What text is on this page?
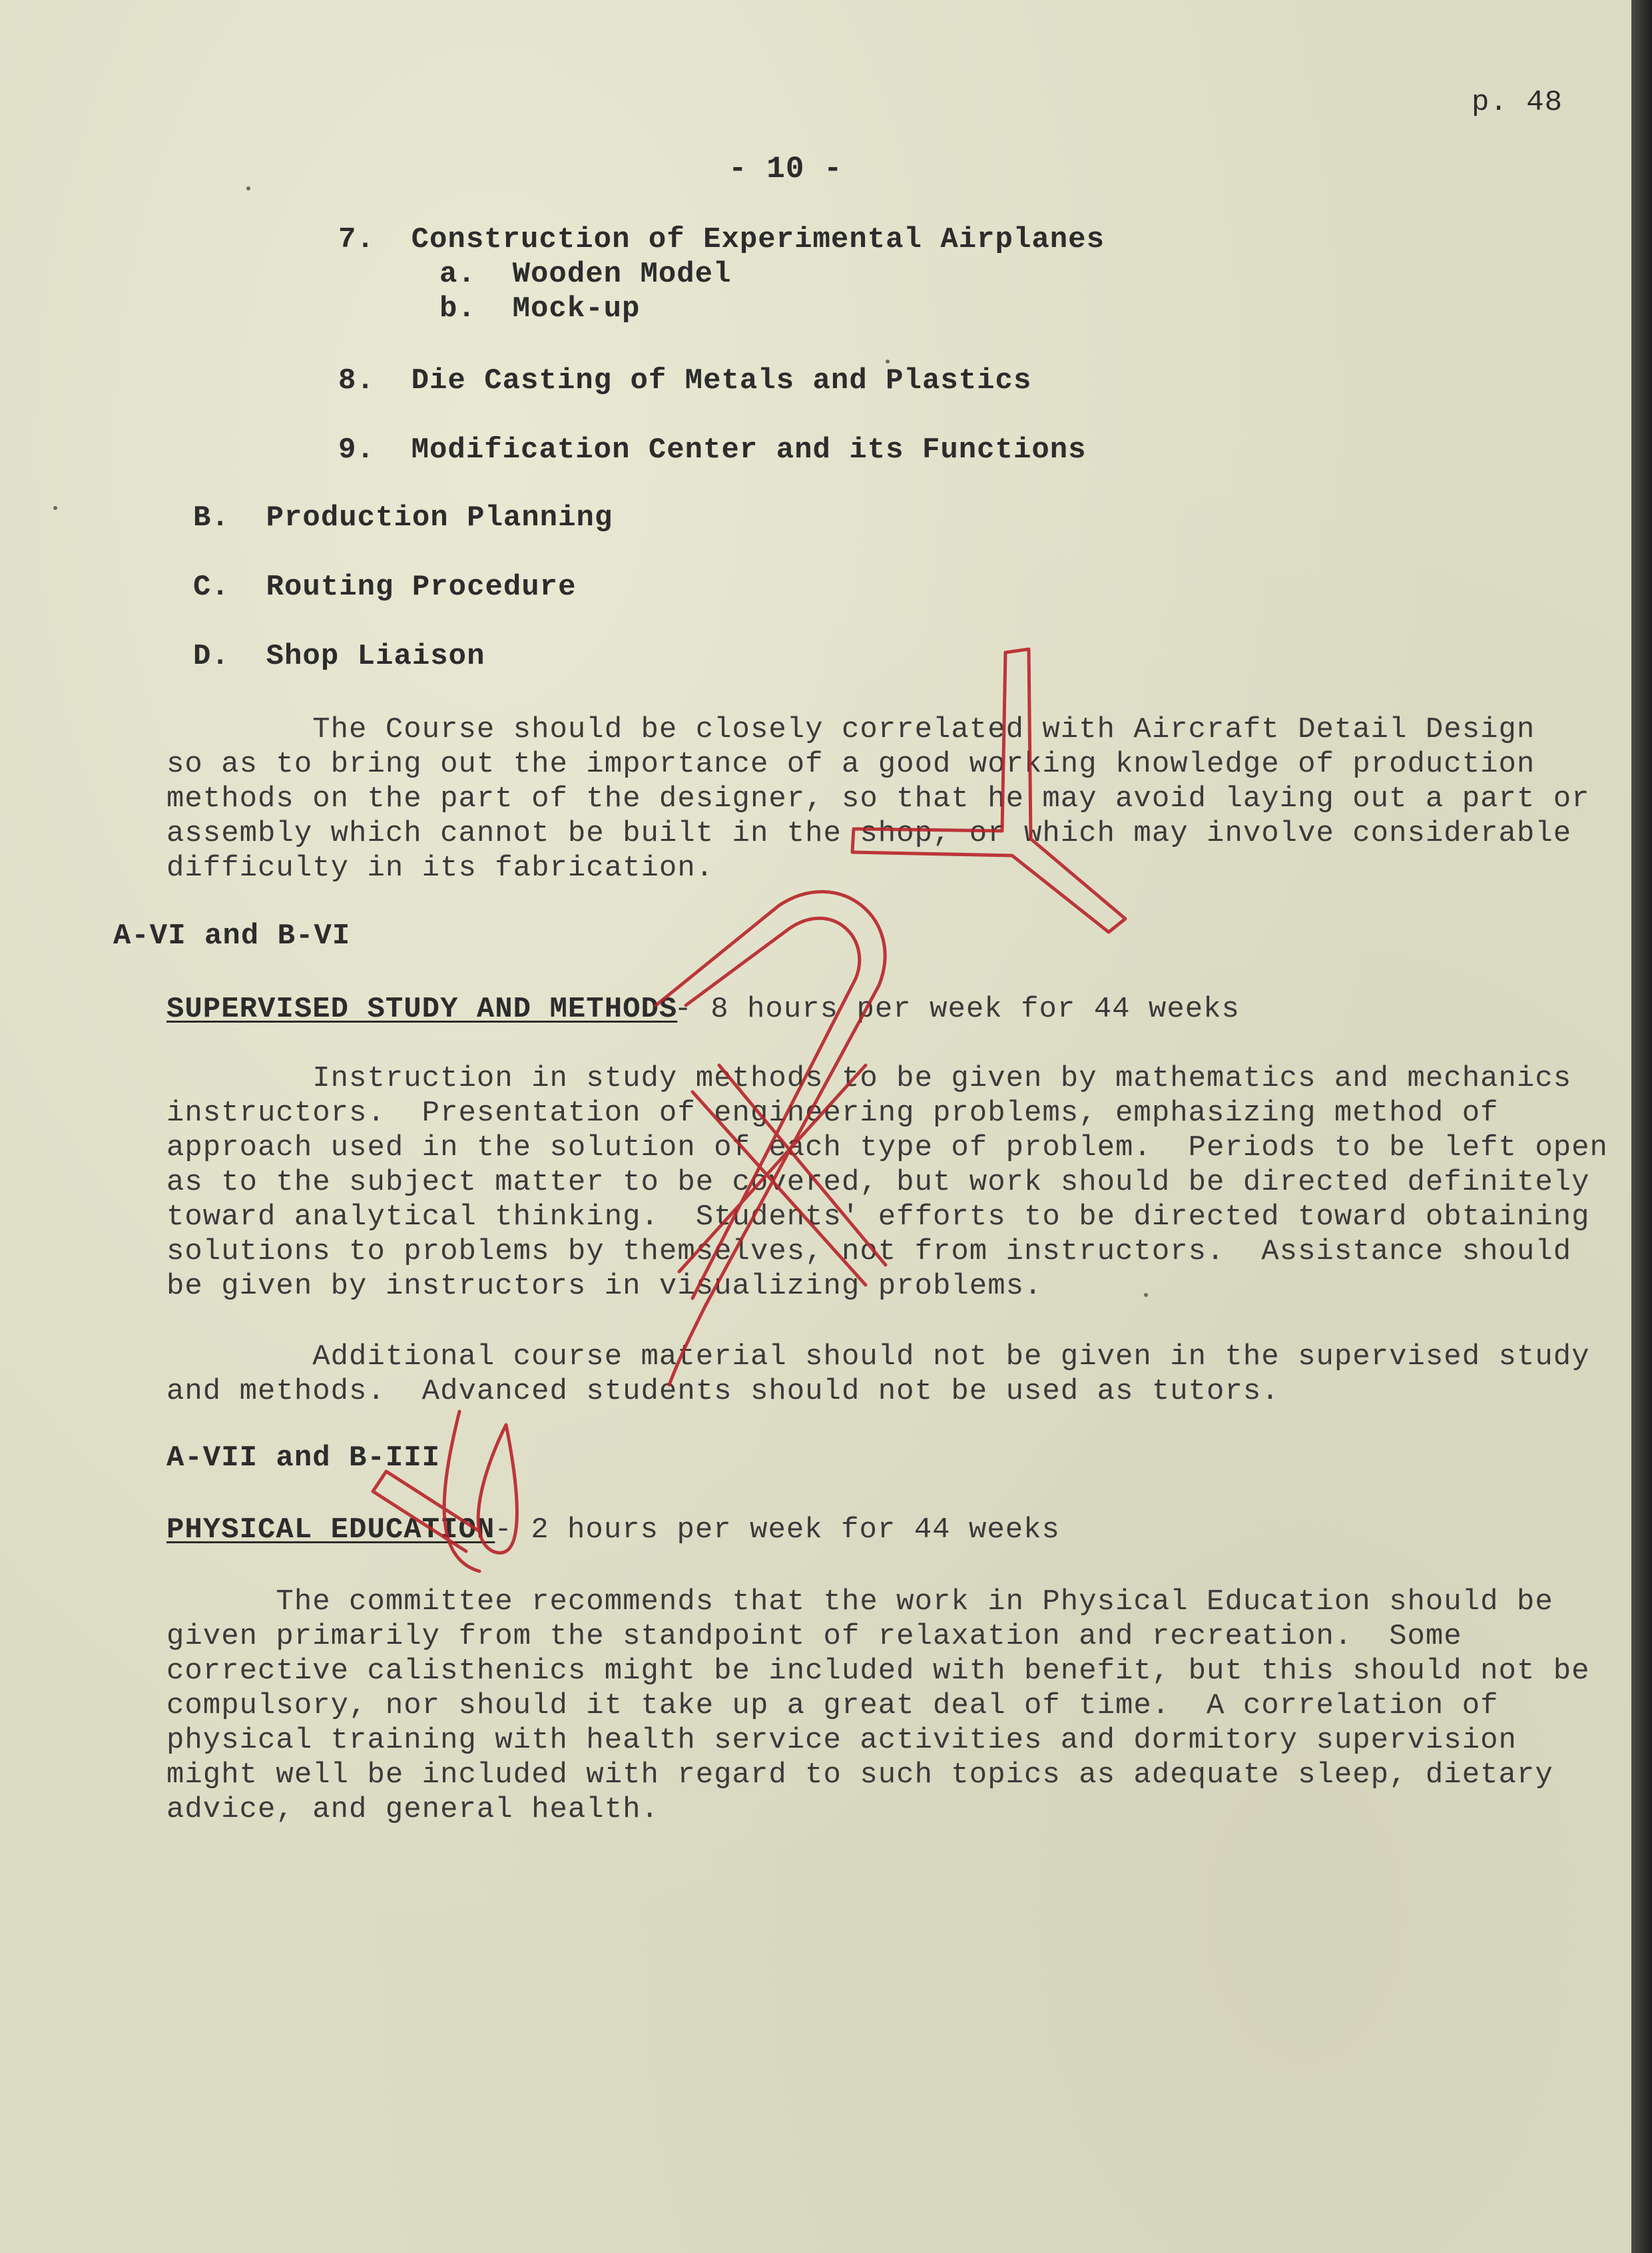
p. 48
- 10 -
7.  Construction of Experimental Airplanes
a.  Wooden Model
b.  Mock-up
8.  Die Casting of Metals and Plastics
9.  Modification Center and its Functions
B.  Production Planning
C.  Routing Procedure
D.  Shop Liaison
The Course should be closely correlated with Aircraft Detail Design
so as to bring out the importance of a good working knowledge of production
methods on the part of the designer, so that he may avoid laying out a part or
assembly which cannot be built in the shop, or which may involve considerable
difficulty in its fabrication.
A-VI and B-VI
SUPERVISED STUDY AND METHODS
- 8 hours per week for 44 weeks
Instruction in study methods to be given by mathematics and mechanics
instructors.  Presentation of engineering problems, emphasizing method of
approach used in the solution of each type of problem.  Periods to be left open
as to the subject matter to be covered, but work should be directed definitely
toward analytical thinking.  Students' efforts to be directed toward obtaining
solutions to problems by themselves, not from instructors.  Assistance should
be given by instructors in visualizing problems.
Additional course material should not be given in the supervised study
and methods.  Advanced students should not be used as tutors.
A-VII and B-III
PHYSICAL EDUCATION
- 2 hours per week for 44 weeks
The committee recommends that the work in Physical Education should be
given primarily from the standpoint of relaxation and recreation.  Some
corrective calisthenics might be included with benefit, but this should not be
compulsory, nor should it take up a great deal of time.  A correlation of
physical training with health service activities and dormitory supervision
might well be included with regard to such topics as adequate sleep, dietary
advice, and general health.
